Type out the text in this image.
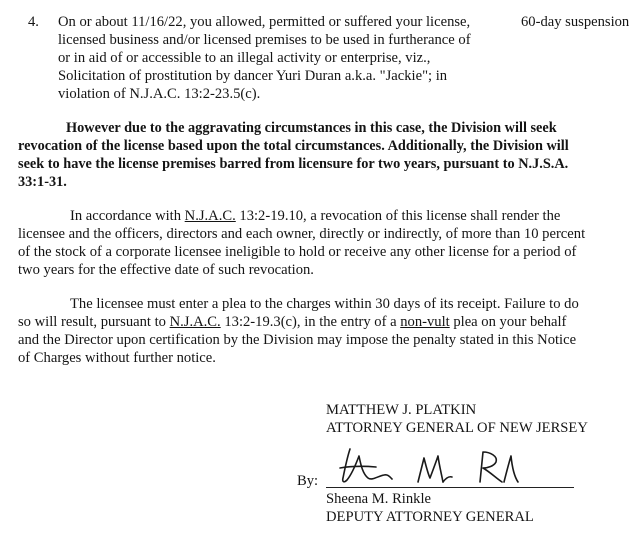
4. On or about 11/16/22, you allowed, permitted or suffered your license,	60-day suspension
licensed business and/or licensed premises to be used in furtherance of
or in aid of or accessible to an illegal activity or enterprise, viz.,
Solicitation of prostitution by dancer Yuri Duran a.k.a. "Jackie"; in
violation of N.J.A.C. 13:2-23.5(c).
However due to the aggravating circumstances in this case, the Division will seek
revocation of the license based upon the total circumstances. Additionally, the Division will
seek to have the license premises barred from licensure for two years, pursuant to N.J.S.A.
33:1-31.
In accordance with N.J.A.C. 13:2-19.10, a revocation of this license shall render the
licensee and the officers, directors and each owner, directly or indirectly, of more than 10 percent
of the stock of a corporate licensee ineligible to hold or receive any other license for a period of
two years for the effective date of such revocation.
The licensee must enter a plea to the charges within 30 days of its receipt. Failure to do
so will result, pursuant to N.J.A.C. 13:2-19.3(c), in the entry of a non-vult plea on your behalf
and the Director upon certification by the Division may impose the penalty stated in this Notice
of Charges without further notice.
MATTHEW J. PLATKIN
ATTORNEY GENERAL OF NEW JERSEY
By:
Sheena M. Rinkle
DEPUTY ATTORNEY GENERAL
